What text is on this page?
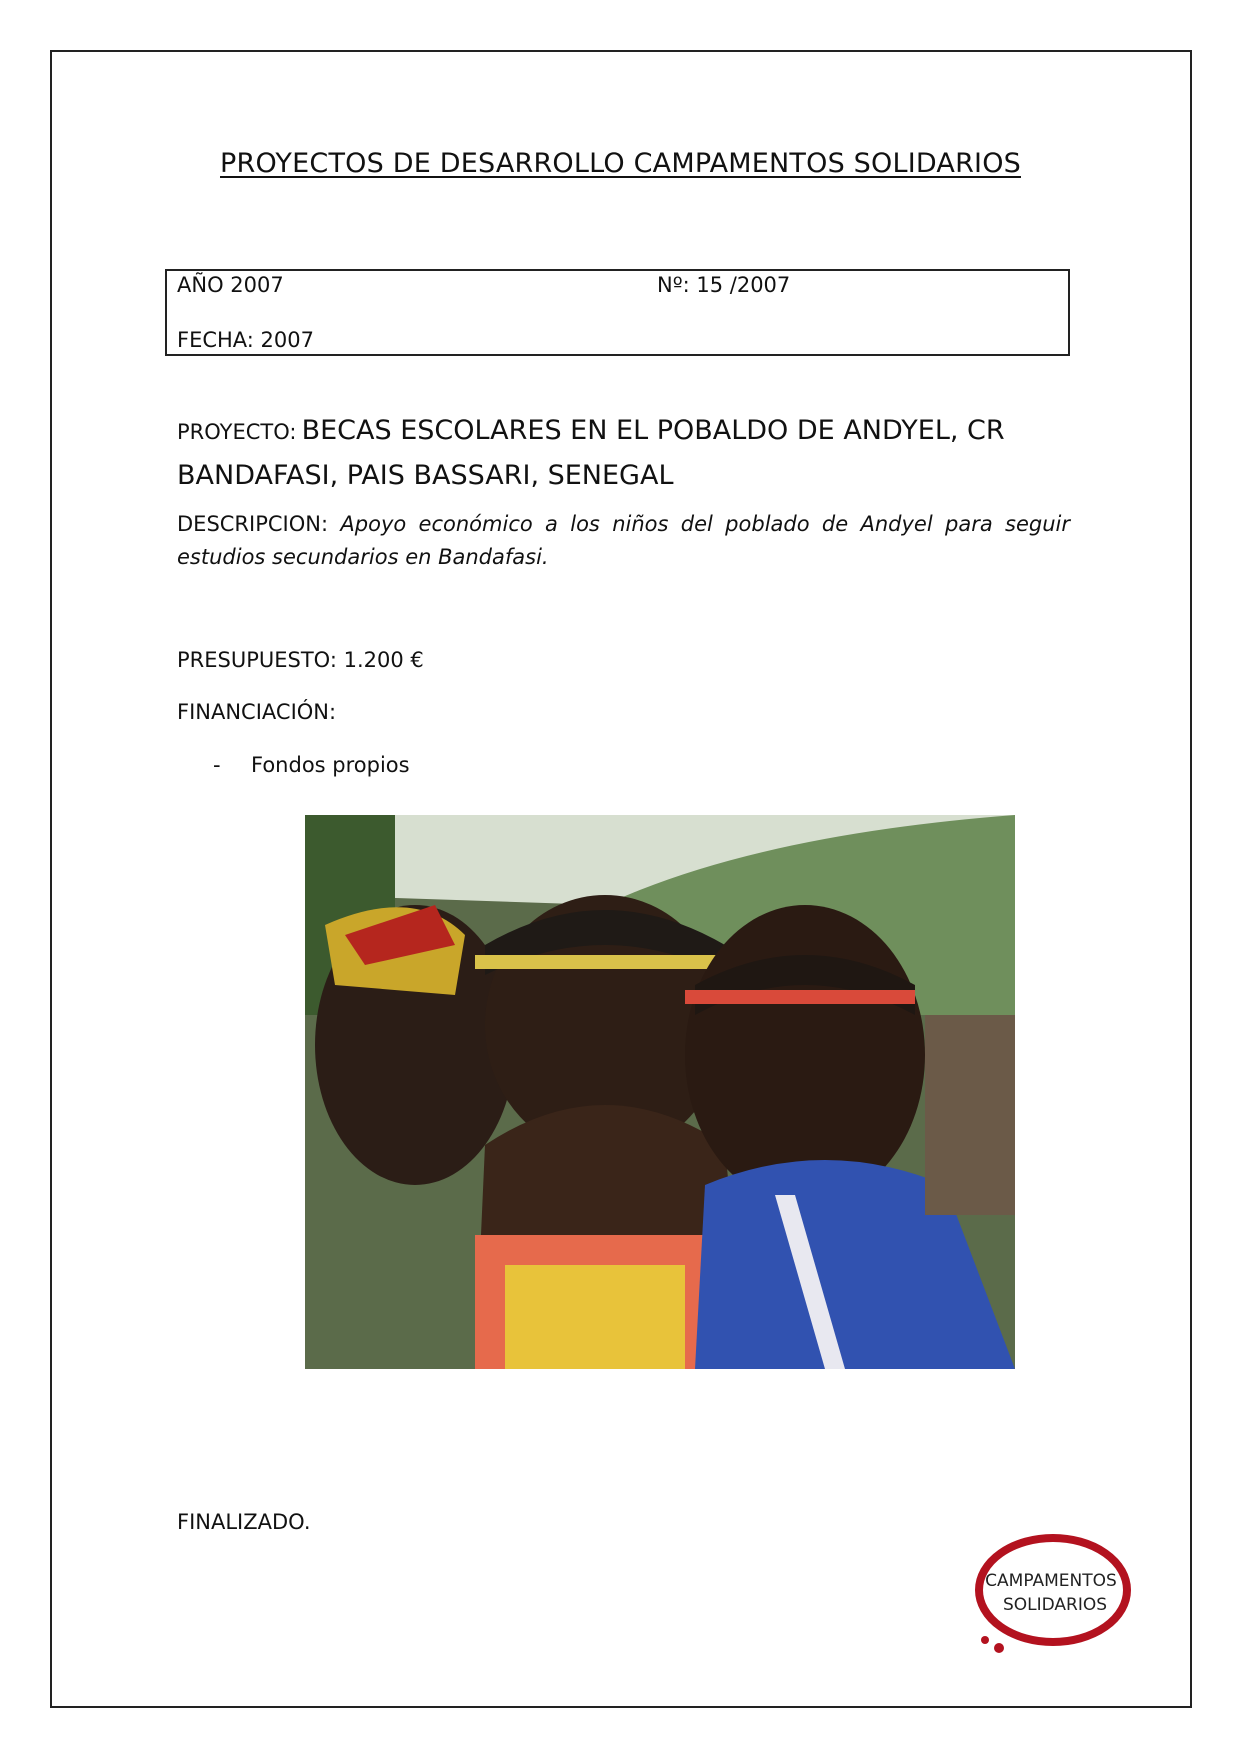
PROYECTOS DE DESARROLLO CAMPAMENTOS SOLIDARIOS
AÑO 2007	Nº: 15 /2007
FECHA: 2007
PROYECTO: BECAS ESCOLARES EN EL POBALDO DE ANDYEL, CR BANDAFASI, PAIS BASSARI, SENEGAL
DESCRIPCION: Apoyo económico a los niños del poblado de Andyel para seguir estudios secundarios en Bandafasi.
PRESUPUESTO: 1.200 €
FINANCIACIÓN:
- Fondos propios
FINALIZADO.
CAMPAMENTOS
SOLIDARIOS
